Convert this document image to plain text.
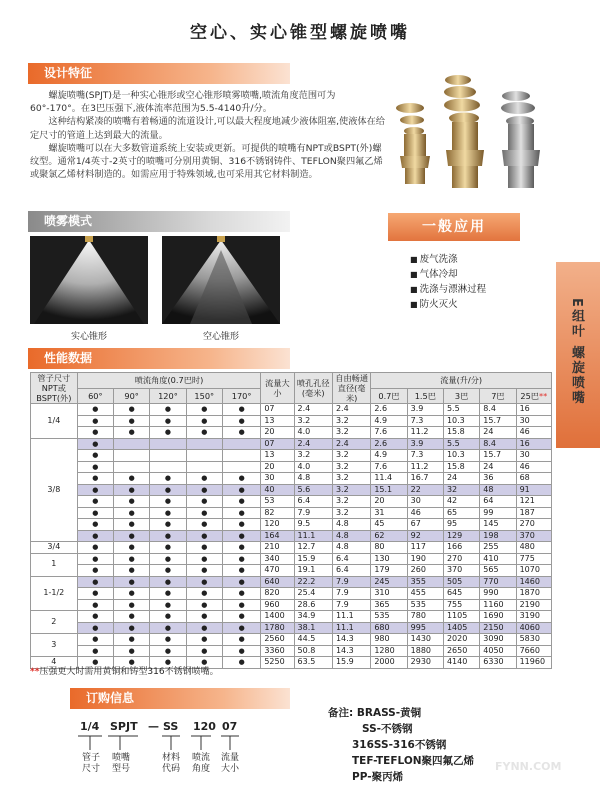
空心、实心锥型螺旋喷嘴
设计特征

螺旋喷嘴(SPJT)是一种实心锥形或空心锥形喷雾喷嘴,喷流角度范围可为60°-170°。在3巴压强下,液体流率范围为5.5-4140升/分。

这种结构紧凑的喷嘴有着畅通的流道设计,可以最大程度地减少液体阻塞,使液体在给定尺寸的管道上达到最大的流量。

螺旋喷嘴可以在大多数管道系统上安装或更新。可提供的喷嘴有NPT或BSPT(外)螺纹型。通常1/4英寸-2英寸的喷嘴可分别用黄铜、316不锈钢铸件、TEFLON聚四氟乙烯或聚氯乙烯材料制造的。如需应用于特殊领域,也可采用其它材料制造。

喷雾模式
实心锥形	空心锥形
一般应用
■ 废气洗涤
■ 气体冷却
■ 洗涤与漂淋过程
■ 防火灭火	E组叶 螺旋喷嘴
性能数据
管子尺寸NPT或BSPT(外)	喷流角度(0.7巴时)					流量大小	喷孔孔径(毫米)	自由畅通直径(毫米)	流量(升/分)				
	60°	90°	120°	150°	170°				0.7巴	1.5巴	3巴	7巴	25巴**
1/4	●	●	●	●	●	07	2.4	2.4	2.6	3.9	5.5	8.4	16
	●	●	●	●	●	13	3.2	3.2	4.9	7.3	10.3	15.7	30
	●	●	●	●	●	20	4.0	3.2	7.6	11.2	15.8	24	46
3/8	●					07	2.4	2.4	2.6	3.9	5.5	8.4	16
	●					13	3.2	3.2	4.9	7.3	10.3	15.7	30
	●					20	4.0	3.2	7.6	11.2	15.8	24	46
	●	●	●	●	●	30	4.8	3.2	11.4	16.7	24	36	68
	●	●	●	●	●	40	5.6	3.2	15.1	22	32	48	91
	●	●	●	●	●	53	6.4	3.2	20	30	42	64	121
	●	●	●	●	●	82	7.9	3.2	31	46	65	99	187
	●	●	●	●	●	120	9.5	4.8	45	67	95	145	270
	●	●	●	●	●	164	11.1	4.8	62	92	129	198	370
3/4	●	●	●	●	●	210	12.7	4.8	80	117	166	255	480
1	●	●	●	●	●	340	15.9	6.4	130	190	270	410	775
	●	●	●	●	●	470	19.1	6.4	179	260	370	565	1070
1-1/2	●	●	●	●	●	640	22.2	7.9	245	355	505	770	1460
	●	●	●	●	●	820	25.4	7.9	310	455	645	990	1870
	●	●	●	●	●	960	28.6	7.9	365	535	755	1160	2190
2	●	●	●	●	●	1400	34.9	11.1	535	780	1105	1690	3190
	●	●	●	●	●	1780	38.1	11.1	680	995	1405	2150	4060
3	●	●	●	●	●	2560	44.5	14.3	980	1430	2020	3090	5830
	●	●	●	●	●	3360	50.8	14.3	1280	1880	2650	4050	7660
4	●	●	●	●	●	5250	63.5	15.9	2000	2930	4140	6330	11960
**压强更大时需用黄铜和铸型316不锈钢喷嘴。
订购信息
1/4 SPJT — SS 120 07
管子尺寸
喷嘴型号
材料代码
喷流角度
流量大小
备注: BRASS-黄铜
SS-不锈钢
316SS-316不锈钢
TEF-TEFLON聚四氟乙烯
PP-聚丙烯
FYNN.COM
